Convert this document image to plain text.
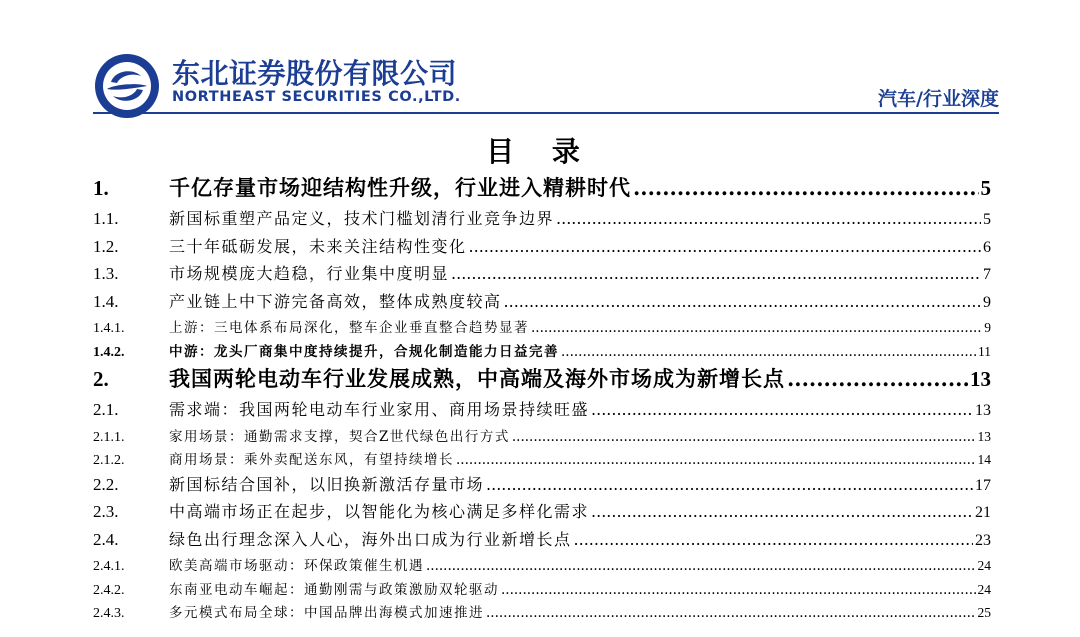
东北证券股份有限公司
NORTHEAST SECURITIES CO.,LTD.	汽车/行业深度
目 录
1.	千亿存量市场迎结构性升级，行业进入精耕时代 .....	5
1.1.	新国标重塑产品定义，技术门槛划清行业竞争边界 .....	5
1.2.	三十年砥砺发展，未来关注结构性变化 .....	6
1.3.	市场规模庞大趋稳，行业集中度明显 .....	7
1.4.	产业链上中下游完备高效，整体成熟度较高 .....	9
1.4.1.	上游：三电体系布局深化，整车企业垂直整合趋势显著 .....	9
1.4.2.	中游：龙头厂商集中度持续提升，合规化制造能力日益完善 .....	11
2.	我国两轮电动车行业发展成熟，中高端及海外市场成为新增长点 .....	13
2.1.	需求端：我国两轮电动车行业家用、商用场景持续旺盛 .....	13
2.1.1.	家用场景：通勤需求支撑，契合Z世代绿色出行方式 .....	13
2.1.2.	商用场景：乘外卖配送东风，有望持续增长 .....	14
2.2.	新国标结合国补，以旧换新激活存量市场 .....	17
2.3.	中高端市场正在起步，以智能化为核心满足多样化需求 .....	21
2.4.	绿色出行理念深入人心，海外出口成为行业新增长点 .....	23
2.4.1.	欧美高端市场驱动：环保政策催生机遇 .....	24
2.4.2.	东南亚电动车崛起：通勤刚需与政策激励双轮驱动 .....	24
2.4.3.	多元模式布局全球：中国品牌出海模式加速推进 .....	25
